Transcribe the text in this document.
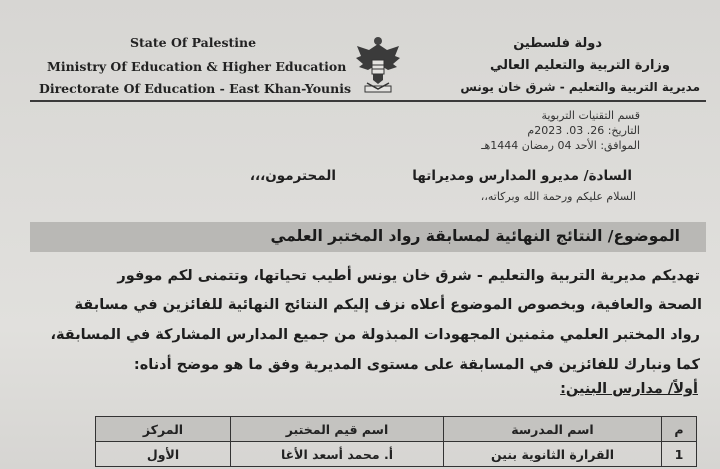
State Of Palestine
Ministry Of Education & Higher Education
Directorate Of Education - East Khan-Younis
دولة فلسطين
وزارة التربية والتعليم العالي
مديرية التربية والتعليم - شرق خان يونس
قسم التقنيات التربوية
التاريخ: 26. 03. 2023م
الموافق: الأحد 04 رمضان 1444هـ
السادة/ مديرو المدارس ومديراتها
المحترمون،،،
السلام عليكم ورحمة الله وبركاته،،
الموضوع/ النتائج النهائية لمسابقة رواد المختبر العلمي
تهديكم مديرية التربية والتعليم - شرق خان يونس أطيب تحياتها، وتتمنى لكم موفور
الصحة والعافية، وبخصوص الموضوع أعلاه نزف إليكم النتائج النهائية للفائزين في مسابقة
رواد المختبر العلمي مثمنين المجهودات المبذولة من جميع المدارس المشاركة في المسابقة،
كما ونبارك للفائزين في المسابقة على مستوى المديرية وفق ما هو موضح أدناه:
أولاً/ مدارس البنين:
م	اسم المدرسة	اسم قيم المختبر	المركز
1	القرارة الثانوية بنين	أ. محمد أسعد الأغا	الأول
